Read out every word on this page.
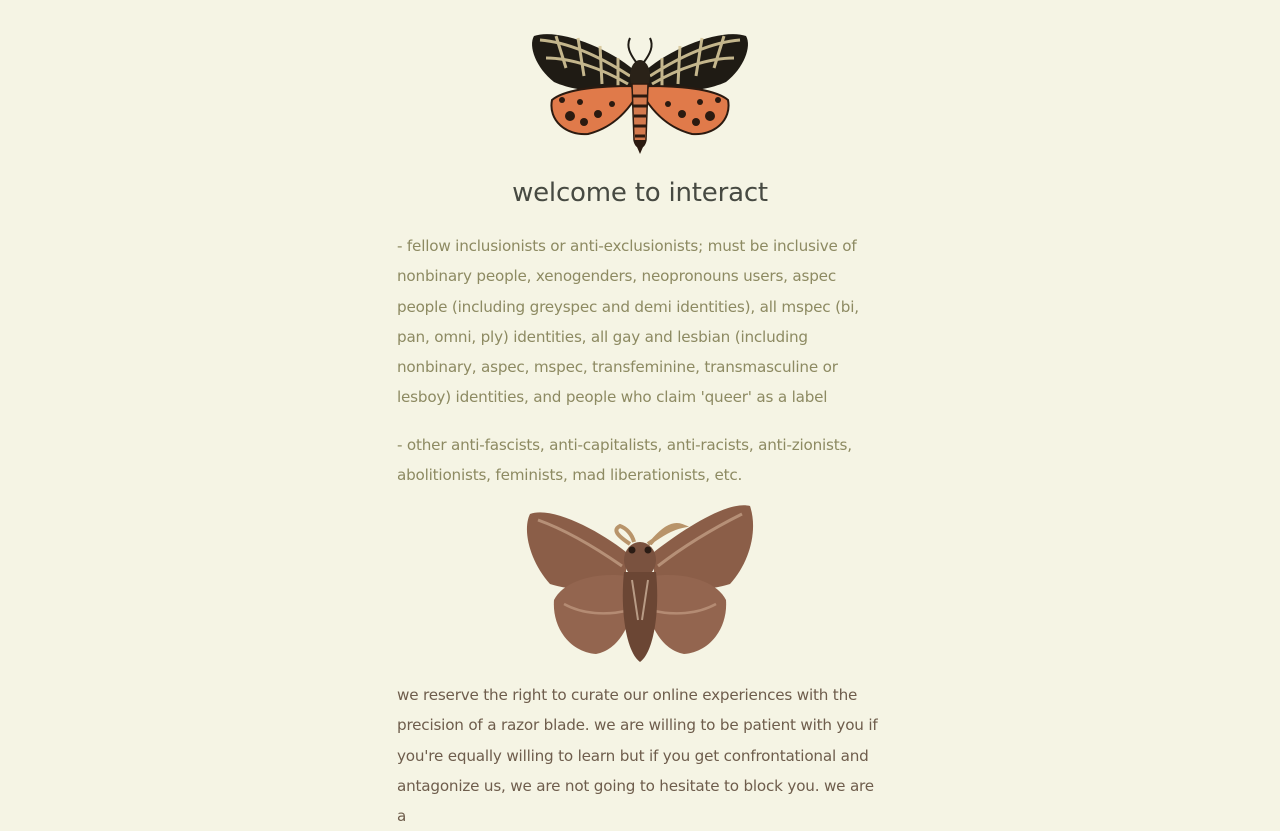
welcome to interact

- fellow inclusionists or anti-exclusionists; must be inclusive of nonbinary people, xenogenders, neopronouns users, aspec people (including greyspec and demi identities), all mspec (bi, pan, omni, ply) identities, all gay and lesbian (including nonbinary, aspec, mspec, transfeminine, transmasculine or lesboy) identities, and people who claim 'queer' as a label

- other anti-fascists, anti-capitalists, anti-racists, anti-zionists, abolitionists, feminists, mad liberationists, etc.

we reserve the right to curate our online experiences with the precision of a razor blade. we are willing to be patient with you if you're equally willing to learn but if you get confrontational and antagonize us, we are not going to hesitate to block you. we are a
